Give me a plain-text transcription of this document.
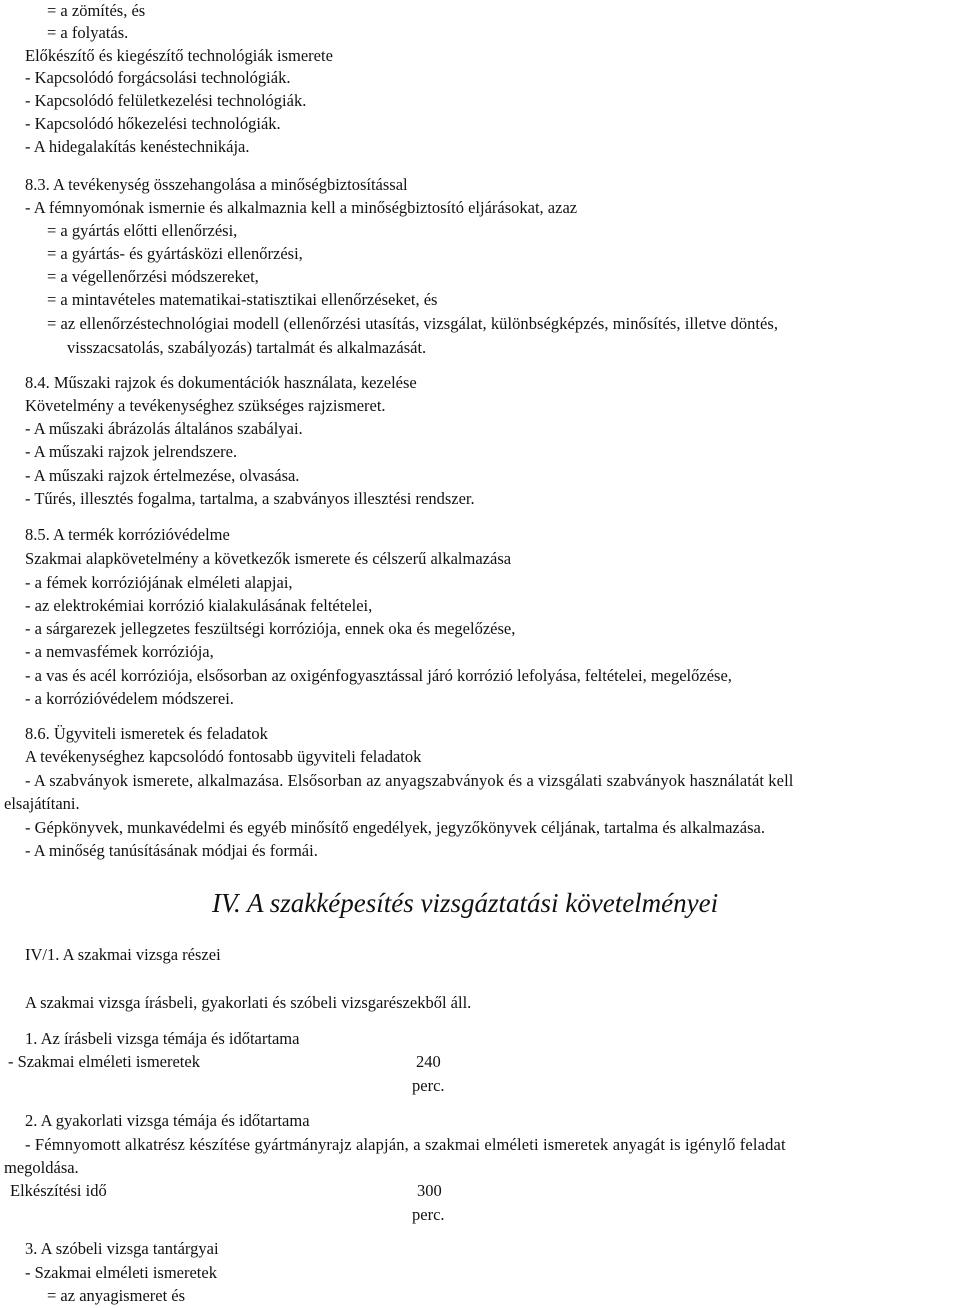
= a zömítés, és
= a folyatás.
Előkészítő és kiegészítő technológiák ismerete
- Kapcsolódó forgácsolási technológiák.
- Kapcsolódó felületkezelési technológiák.
- Kapcsolódó hőkezelési technológiák.
- A hidegalakítás kenéstechnikája.
8.3. A tevékenység összehangolása a minőségbiztosítással
- A fémnyomónak ismernie és alkalmaznia kell a minőségbiztosító eljárásokat, azaz
= a gyártás előtti ellenőrzési,
= a gyártás- és gyártásközi ellenőrzési,
= a végellenőrzési módszereket,
= a mintavételes matematikai-statisztikai ellenőrzéseket, és
= az ellenőrzéstechnológiai modell (ellenőrzési utasítás, vizsgálat, különbségképzés, minősítés, illetve döntés,
visszacsatolás, szabályozás) tartalmát és alkalmazását.
8.4. Műszaki rajzok és dokumentációk használata, kezelése
Követelmény a tevékenységhez szükséges rajzismeret.
- A műszaki ábrázolás általános szabályai.
- A műszaki rajzok jelrendszere.
- A műszaki rajzok értelmezése, olvasása.
- Tűrés, illesztés fogalma, tartalma, a szabványos illesztési rendszer.
8.5. A termék korrózióvédelme
Szakmai alapkövetelmény a következők ismerete és célszerű alkalmazása
- a fémek korróziójának elméleti alapjai,
- az elektrokémiai korrózió kialakulásának feltételei,
- a sárgarezek jellegzetes feszültségi korróziója, ennek oka és megelőzése,
- a nemvasfémek korróziója,
- a vas és acél korróziója, elsősorban az oxigénfogyasztással járó korrózió lefolyása, feltételei, megelőzése,
- a korrózióvédelem módszerei.
8.6. Ügyviteli ismeretek és feladatok
A tevékenységhez kapcsolódó fontosabb ügyviteli feladatok
- A szabványok ismerete, alkalmazása. Elsősorban az anyagszabványok és a vizsgálati szabványok használatát kell
elsajátítani.
- Gépkönyvek, munkavédelmi és egyéb minősítő engedélyek, jegyzőkönyvek céljának, tartalma és alkalmazása.
- A minőség tanúsításának módjai és formái.
IV. A szakképesítés vizsgáztatási követelményei
IV/1. A szakmai vizsga részei
A szakmai vizsga írásbeli, gyakorlati és szóbeli vizsgarészekből áll.
1. Az írásbeli vizsga témája és időtartama
- Szakmai elméleti ismeretek	240
perc.
2. A gyakorlati vizsga témája és időtartama
- Fémnyomott alkatrész készítése gyártmányrajz alapján, a szakmai elméleti ismeretek anyagát is igénylő feladat
megoldása.
Elkészítési idő	300
perc.
3. A szóbeli vizsga tantárgyai
- Szakmai elméleti ismeretek
= az anyagismeret és
